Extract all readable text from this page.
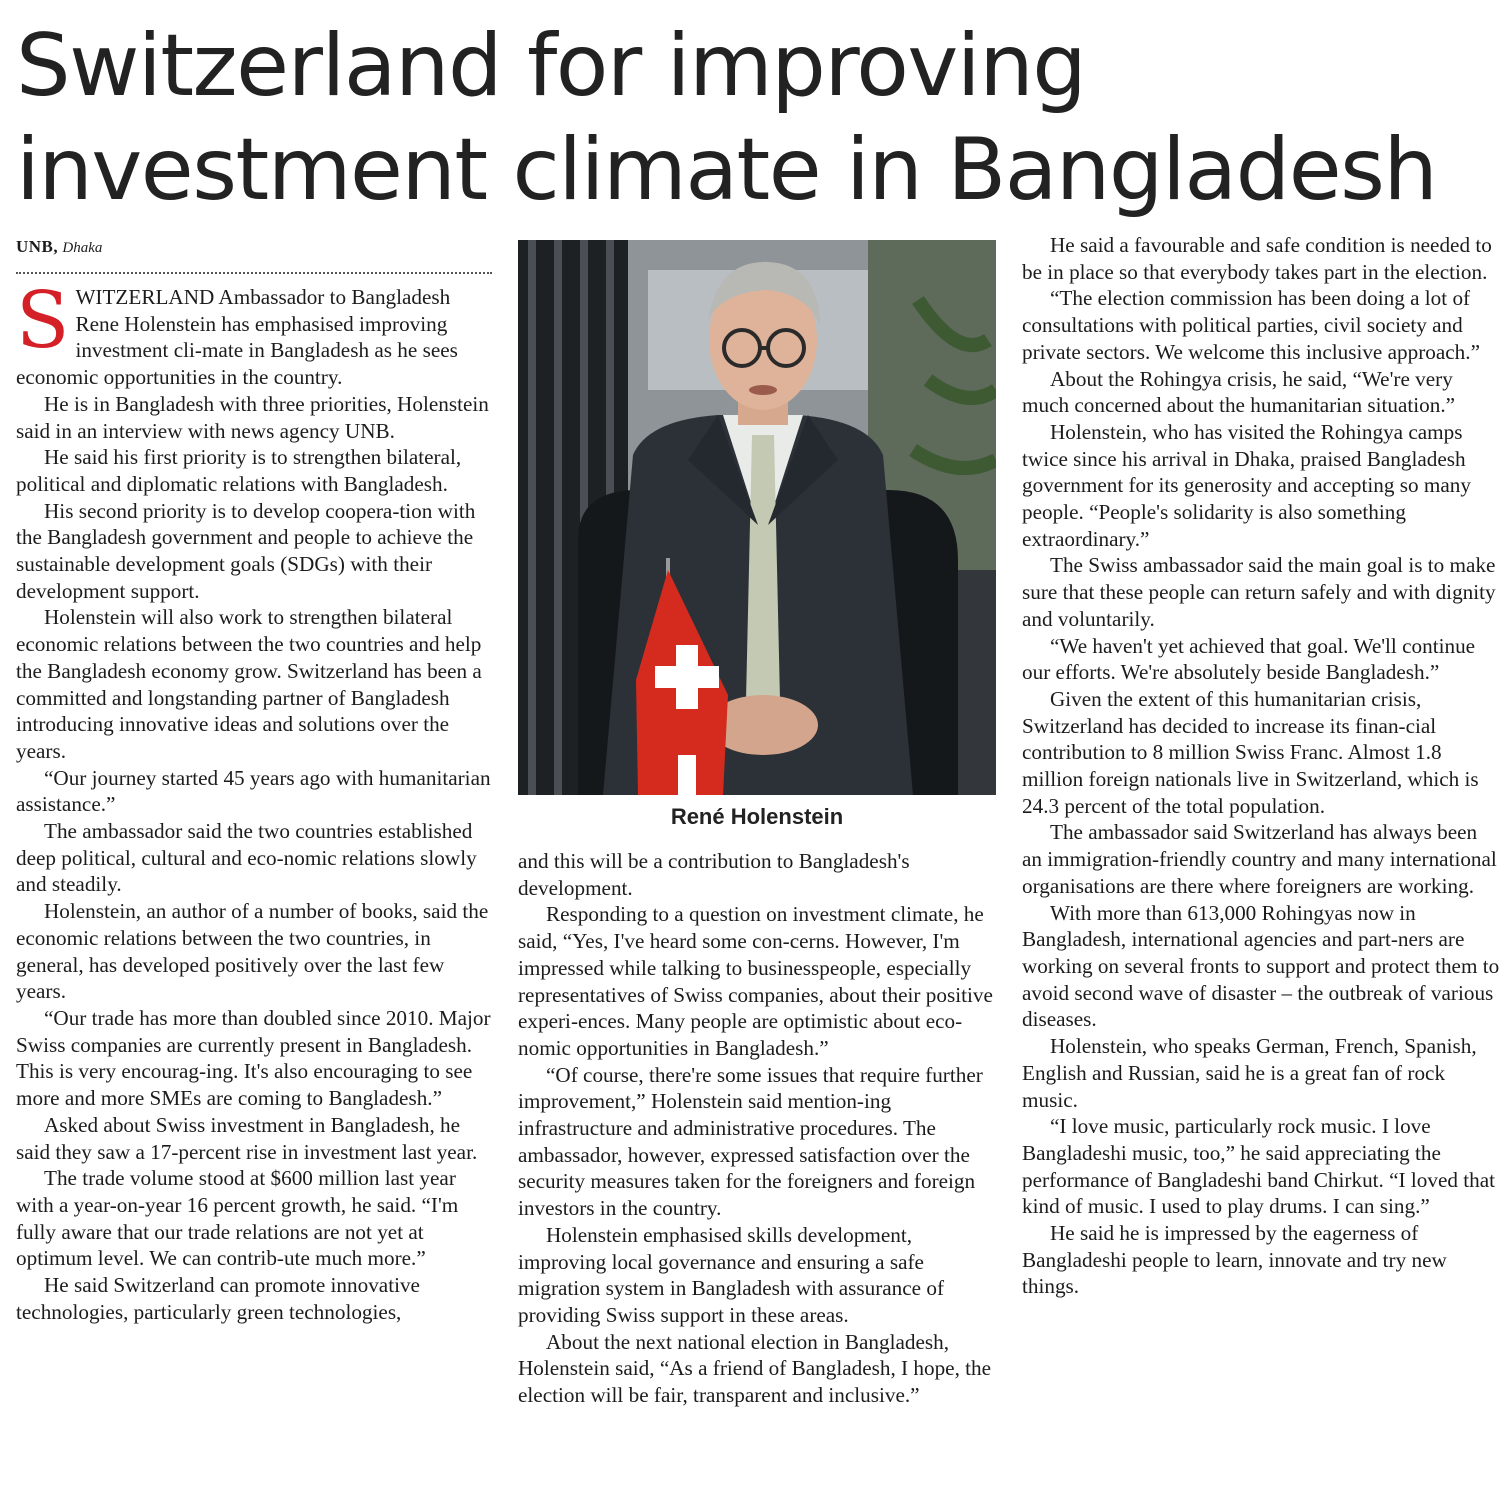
Switzerland for improving investment climate in Bangladesh
UNB, Dhaka

SWITZERLAND Ambassador to Bangladesh Rene Holenstein has emphasised improving investment cli-mate in Bangladesh as he sees economic opportunities in the country.

He is in Bangladesh with three priorities, Holenstein said in an interview with news agency UNB.

He said his first priority is to strengthen bilateral, political and diplomatic relations with Bangladesh.

His second priority is to develop coopera-tion with the Bangladesh government and people to achieve the sustainable development goals (SDGs) with their development support.

Holenstein will also work to strengthen bilateral economic relations between the two countries and help the Bangladesh economy grow. Switzerland has been a committed and longstanding partner of Bangladesh introducing innovative ideas and solutions over the years.

“Our journey started 45 years ago with humanitarian assistance.”

The ambassador said the two countries established deep political, cultural and eco-nomic relations slowly and steadily.

Holenstein, an author of a number of books, said the economic relations between the two countries, in general, has developed positively over the last few years.

“Our trade has more than doubled since 2010. Major Swiss companies are currently present in Bangladesh. This is very encourag-ing. It's also encouraging to see more and more SMEs are coming to Bangladesh.”

Asked about Swiss investment in Bangladesh, he said they saw a 17-percent rise in investment last year.

The trade volume stood at $600 million last year with a year-on-year 16 percent growth, he said. “I'm fully aware that our trade relations are not yet at optimum level. We can contrib-ute much more.”

He said Switzerland can promote innovative technologies, particularly green technologies,

René Holenstein

and this will be a contribution to Bangladesh's development.

Responding to a question on investment climate, he said, “Yes, I've heard some con-cerns. However, I'm impressed while talking to businesspeople, especially representatives of Swiss companies, about their positive experi-ences. Many people are optimistic about eco-nomic opportunities in Bangladesh.”

“Of course, there're some issues that require further improvement,” Holenstein said mention-ing infrastructure and administrative procedures. The ambassador, however, expressed satisfaction over the security measures taken for the foreigners and foreign investors in the country.

Holenstein emphasised skills development, improving local governance and ensuring a safe migration system in Bangladesh with assurance of providing Swiss support in these areas.

About the next national election in Bangladesh, Holenstein said, “As a friend of Bangladesh, I hope, the election will be fair, transparent and inclusive.”

He said a favourable and safe condition is needed to be in place so that everybody takes part in the election.

“The election commission has been doing a lot of consultations with political parties, civil society and private sectors. We welcome this inclusive approach.”

About the Rohingya crisis, he said, “We're very much concerned about the humanitarian situation.”

Holenstein, who has visited the Rohingya camps twice since his arrival in Dhaka, praised Bangladesh government for its generosity and accepting so many people. “People's solidarity is also something extraordinary.”

The Swiss ambassador said the main goal is to make sure that these people can return safely and with dignity and voluntarily.

“We haven't yet achieved that goal. We'll continue our efforts. We're absolutely beside Bangladesh.”

Given the extent of this humanitarian crisis, Switzerland has decided to increase its finan-cial contribution to 8 million Swiss Franc. Almost 1.8 million foreign nationals live in Switzerland, which is 24.3 percent of the total population.

The ambassador said Switzerland has always been an immigration-friendly country and many international organisations are there where foreigners are working.

With more than 613,000 Rohingyas now in Bangladesh, international agencies and part-ners are working on several fronts to support and protect them to avoid second wave of disaster – the outbreak of various diseases.

Holenstein, who speaks German, French, Spanish, English and Russian, said he is a great fan of rock music.

“I love music, particularly rock music. I love Bangladeshi music, too,” he said appreciating the performance of Bangladeshi band Chirkut. “I loved that kind of music. I used to play drums. I can sing.”

He said he is impressed by the eagerness of Bangladeshi people to learn, innovate and try new things.
